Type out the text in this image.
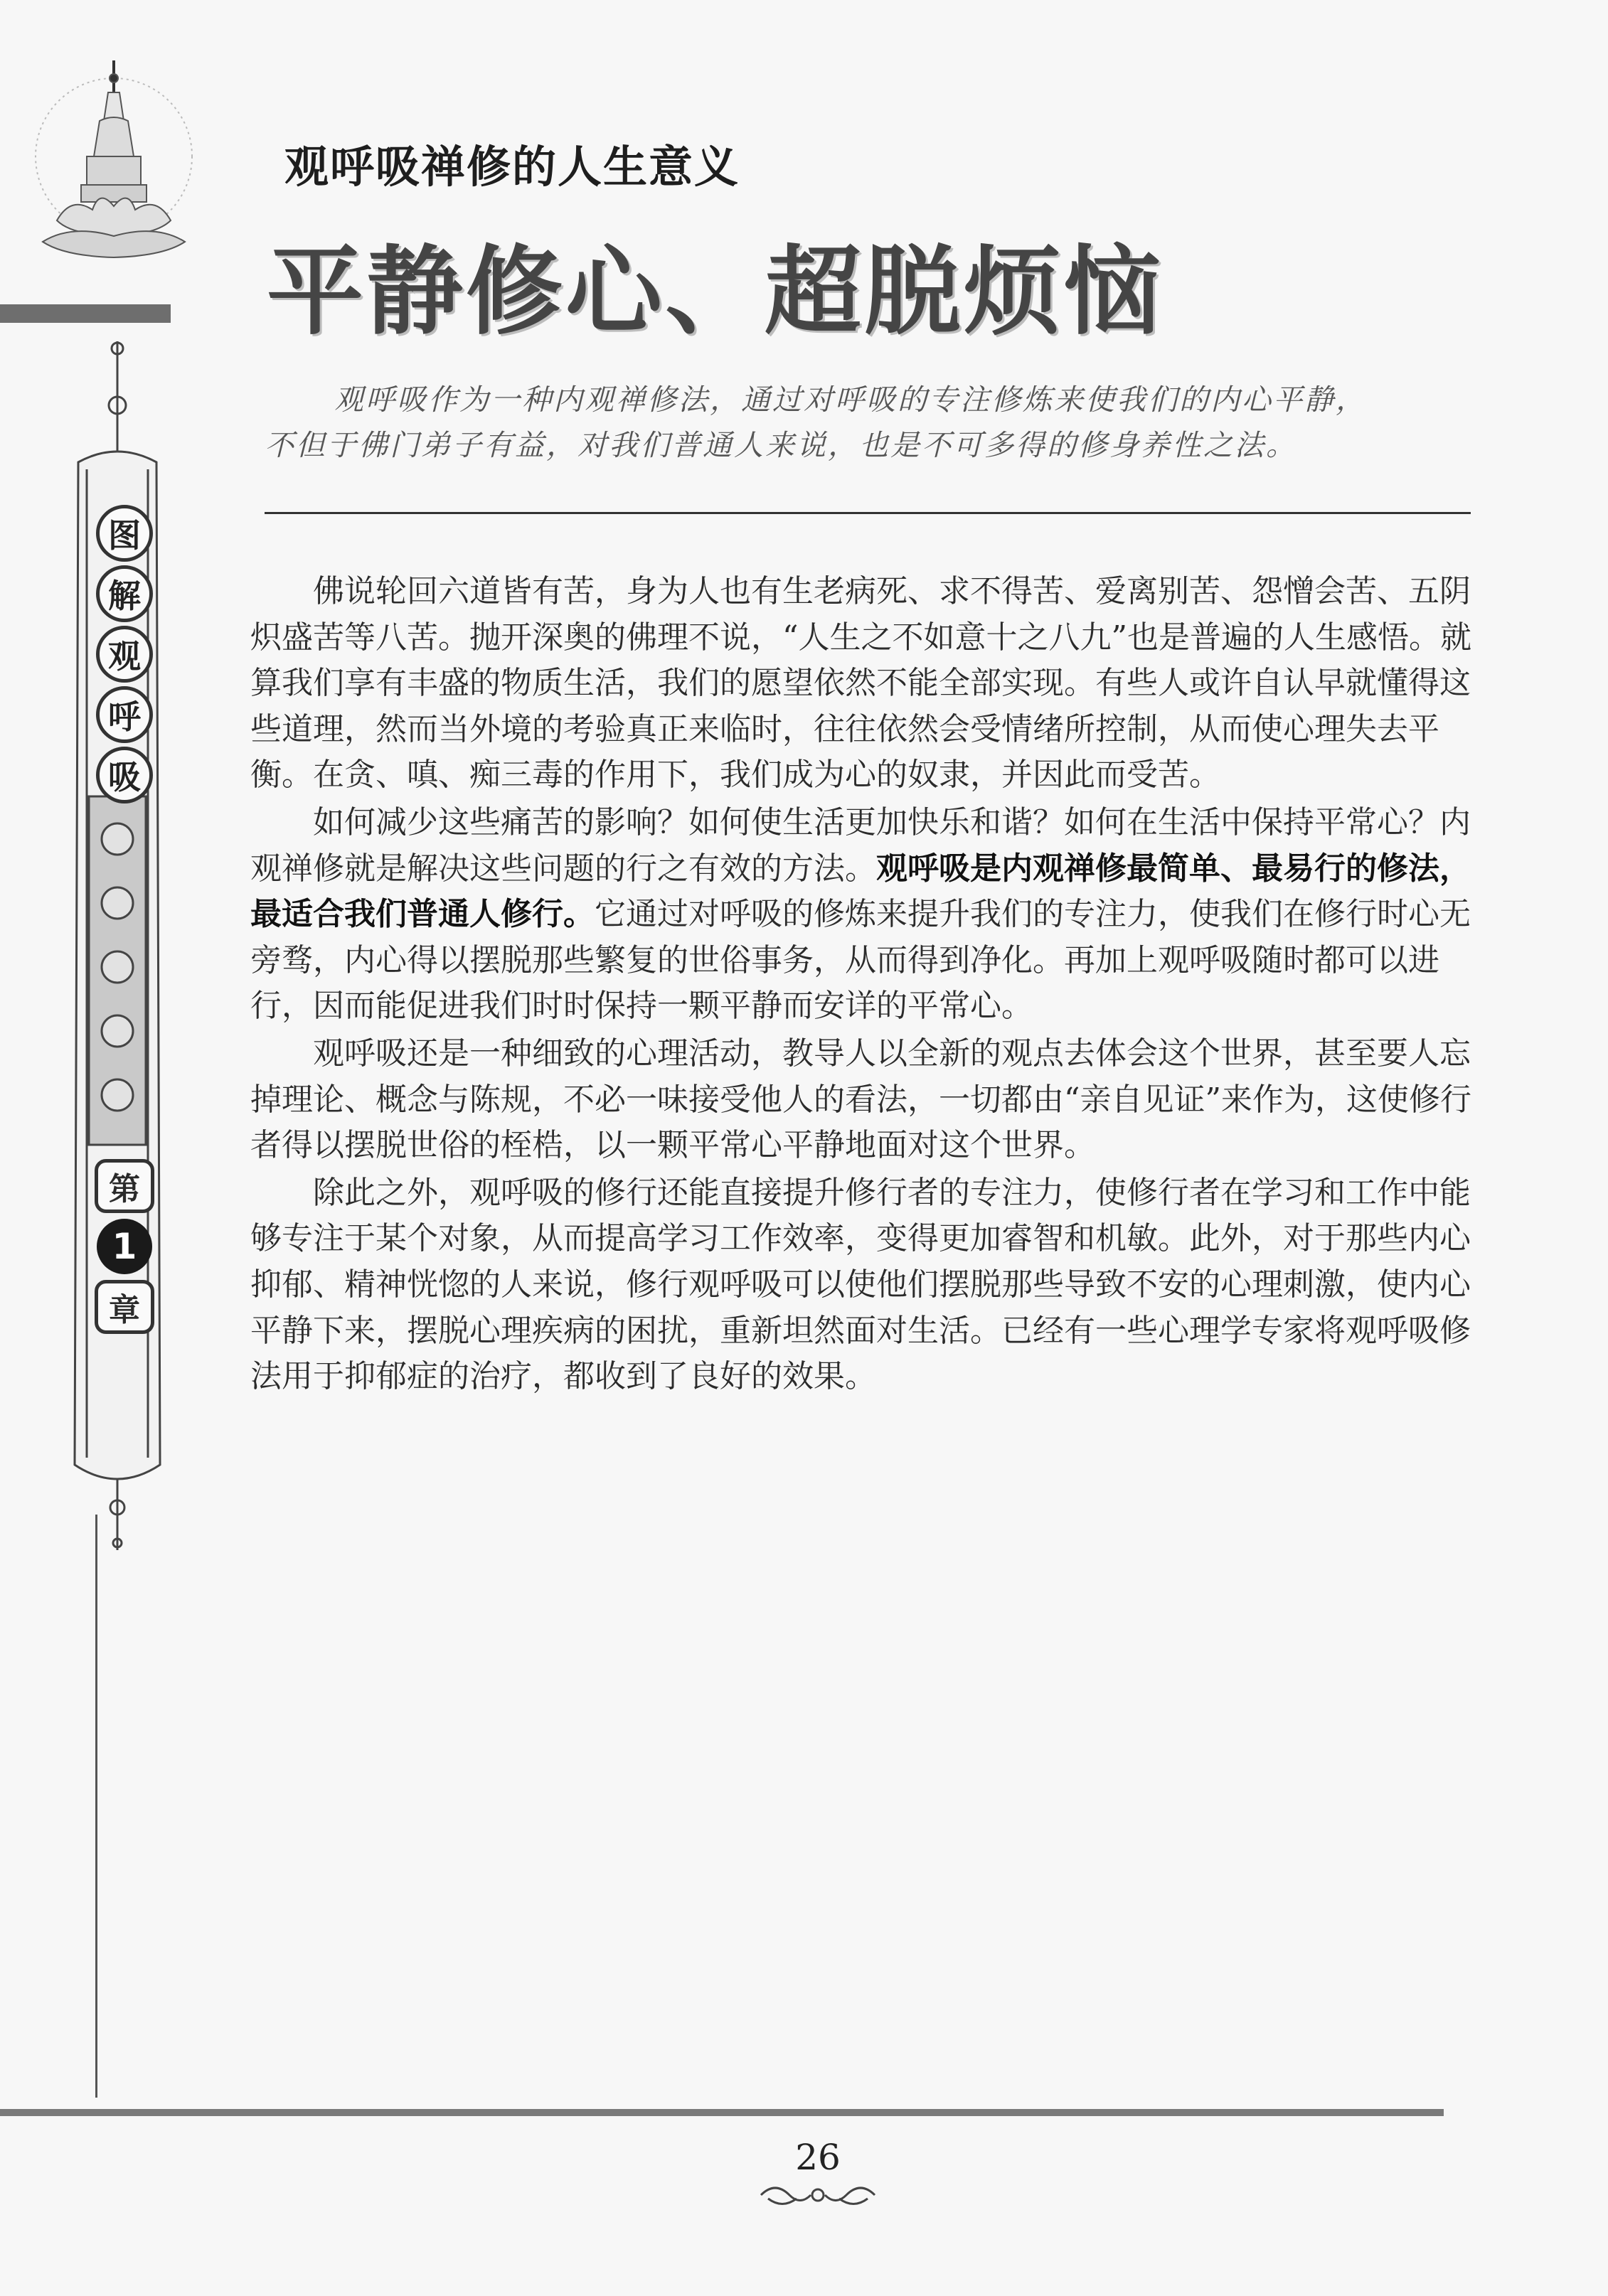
图
解
观
呼
吸
第
1
章
观呼吸禅修的人生意义
平静修心、超脱烦恼
观呼吸作为一种内观禅修法，通过对呼吸的专注修炼来使我们的内心平静，
不但于佛门弟子有益，对我们普通人来说，也是不可多得的修身养性之法。

佛说轮回六道皆有苦，身为人也有生老病死、求不得苦、爱离别苦、怨憎会苦、五阴炽盛苦等八苦。抛开深奥的佛理不说，“人生之不如意十之八九”也是普遍的人生感悟。就算我们享有丰盛的物质生活，我们的愿望依然不能全部实现。有些人或许自认早就懂得这些道理，然而当外境的考验真正来临时，往往依然会受情绪所控制，从而使心理失去平衡。在贪、嗔、痴三毒的作用下，我们成为心的奴隶，并因此而受苦。

如何减少这些痛苦的影响？如何使生活更加快乐和谐？如何在生活中保持平常心？内观禅修就是解决这些问题的行之有效的方法。观呼吸是内观禅修最简单、最易行的修法，最适合我们普通人修行。它通过对呼吸的修炼来提升我们的专注力，使我们在修行时心无旁骛，内心得以摆脱那些繁复的世俗事务，从而得到净化。再加上观呼吸随时都可以进行，因而能促进我们时时保持一颗平静而安详的平常心。

观呼吸还是一种细致的心理活动，教导人以全新的观点去体会这个世界，甚至要人忘掉理论、概念与陈规，不必一味接受他人的看法，一切都由“亲自见证”来作为，这使修行者得以摆脱世俗的桎梏，以一颗平常心平静地面对这个世界。

除此之外，观呼吸的修行还能直接提升修行者的专注力，使修行者在学习和工作中能够专注于某个对象，从而提高学习工作效率，变得更加睿智和机敏。此外，对于那些内心抑郁、精神恍惚的人来说，修行观呼吸可以使他们摆脱那些导致不安的心理刺激，使内心平静下来，摆脱心理疾病的困扰，重新坦然面对生活。已经有一些心理学专家将观呼吸修法用于抑郁症的治疗，都收到了良好的效果。

26
